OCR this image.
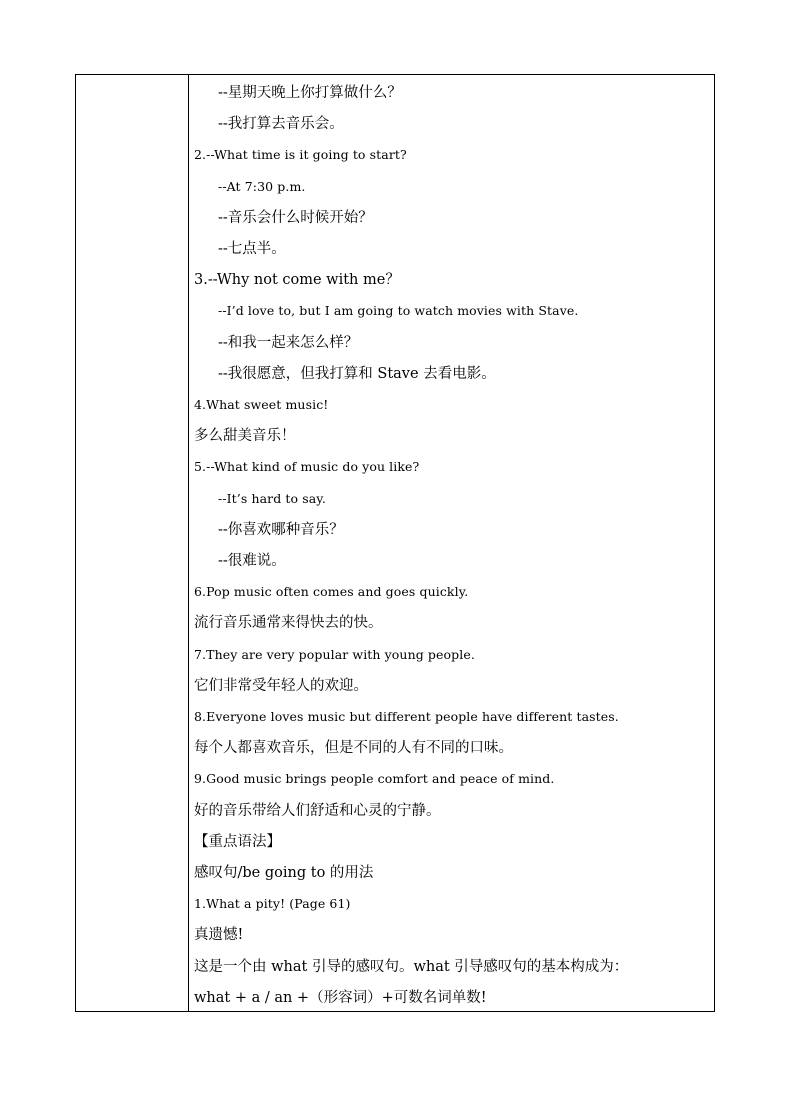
--星期天晚上你打算做什么？
--我打算去音乐会。
2.--What time is it going to start?
--At 7:30 p.m.
--音乐会什么时候开始？
--七点半。
3.--Why not come with me？
--I’d love to, but I am going to watch movies with Stave.
--和我一起来怎么样？
--我很愿意，但我打算和 Stave 去看电影。
4.What sweet music!
多么甜美音乐！
5.--What kind of music do you like?
--It’s hard to say.
--你喜欢哪种音乐？
--很难说。
6.Pop music often comes and goes quickly.
流行音乐通常来得快去的快。
7.They are very popular with young people.
它们非常受年轻人的欢迎。
8.Everyone loves music but different people have different tastes.
每个人都喜欢音乐，但是不同的人有不同的口味。
9.Good music brings people comfort and peace of mind.
好的音乐带给人们舒适和心灵的宁静。
【重点语法】
感叹句/be going to 的用法
1.What a pity! (Page 61)
真遗憾!
这是一个由 what 引导的感叹句。what 引导感叹句的基本构成为：
what + a / an +（形容词）+可数名词单数!
